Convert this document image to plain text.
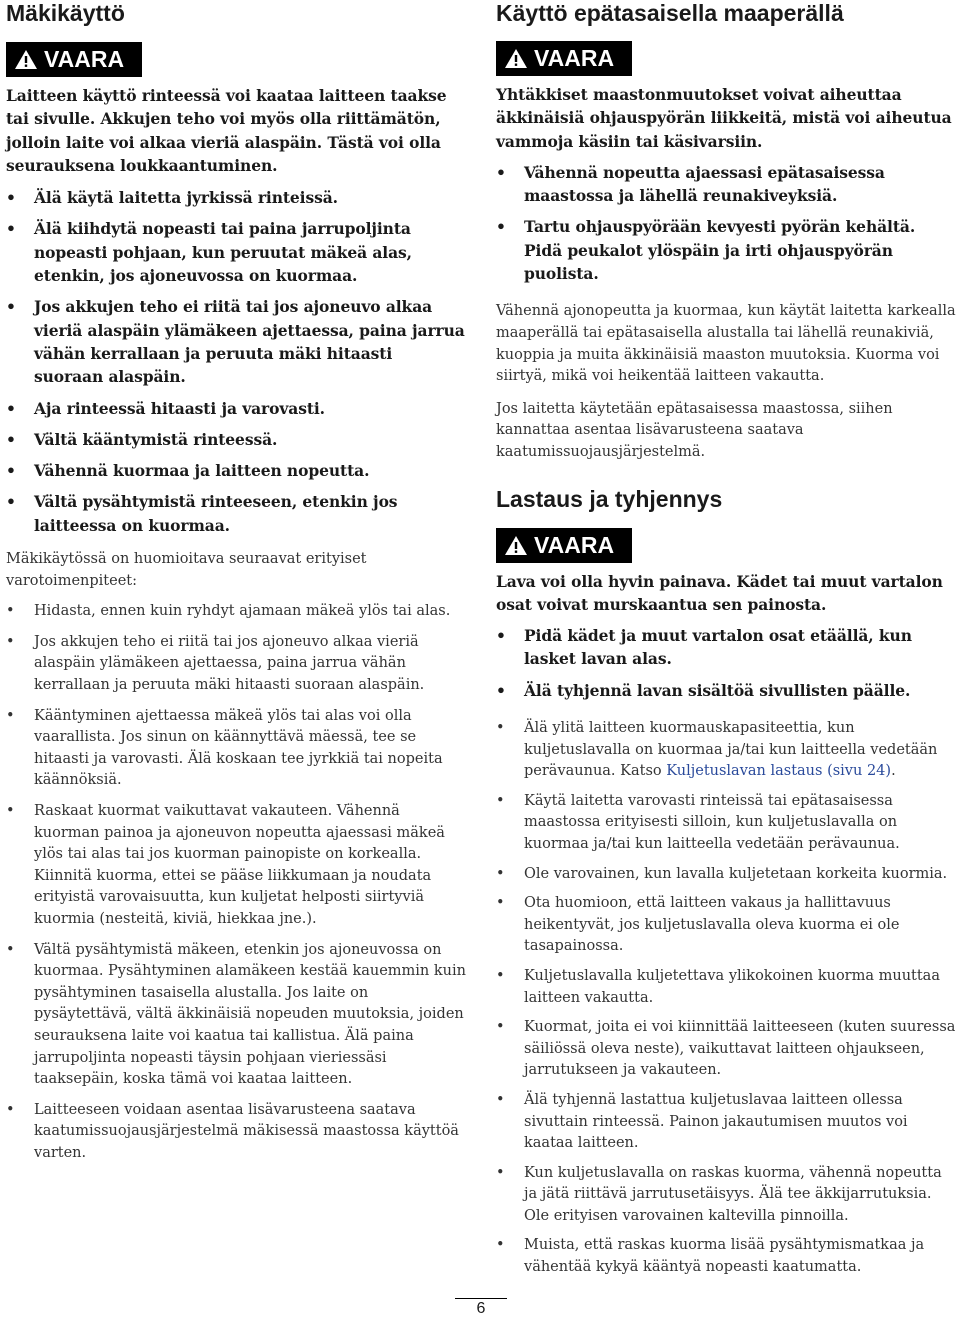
Mäkikäyttö
VAARA

Laitteen käyttö rinteessä voi kaataa laitteen taakse tai sivulle. Akkujen teho voi myös olla riittämätön, jolloin laite voi alkaa vieriä alaspäin. Tästä voi olla seurauksena loukkaantuminen.

• Älä käytä laitetta jyrkissä rinteissä.
• Älä kiihdytä nopeasti tai paina jarrupoljinta nopeasti pohjaan, kun peruutat mäkeä alas, etenkin, jos ajoneuvossa on kuormaa.
• Jos akkujen teho ei riitä tai jos ajoneuvo alkaa vieriä alaspäin ylämäkeen ajettaessa, paina jarrua vähän kerrallaan ja peruuta mäki hitaasti suoraan alaspäin.
• Aja rinteessä hitaasti ja varovasti.
• Vältä kääntymistä rinteessä.
• Vähennä kuormaa ja laitteen nopeutta.
• Vältä pysähtymistä rinteeseen, etenkin jos laitteessa on kuormaa.

Mäkikäytössä on huomioitava seuraavat erityiset varotoimenpiteet:

• Hidasta, ennen kuin ryhdyt ajamaan mäkeä ylös tai alas.
• Jos akkujen teho ei riitä tai jos ajoneuvo alkaa vieriä alaspäin ylämäkeen ajettaessa, paina jarrua vähän kerrallaan ja peruuta mäki hitaasti suoraan alaspäin.
• Kääntyminen ajettaessa mäkeä ylös tai alas voi olla vaarallista. Jos sinun on käännyttävä mäessä, tee se hitaasti ja varovasti. Älä koskaan tee jyrkkiä tai nopeita käännöksiä.
• Raskaat kuormat vaikuttavat vakauteen. Vähennä kuorman painoa ja ajoneuvon nopeutta ajaessasi mäkeä ylös tai alas tai jos kuorman painopiste on korkealla. Kiinnitä kuorma, ettei se pääse liikkumaan ja noudata erityistä varovaisuutta, kun kuljetat helposti siirtyviä kuormia (nesteitä, kiviä, hiekkaa jne.).
• Vältä pysähtymistä mäkeen, etenkin jos ajoneuvossa on kuormaa. Pysähtyminen alamäkeen kestää kauemmin kuin pysähtyminen tasaisella alustalla. Jos laite on pysäytettävä, vältä äkkinäisiä nopeuden muutoksia, joiden seurauksena laite voi kaatua tai kallistua. Älä paina jarrupoljinta nopeasti täysin pohjaan vieriessäsi taaksepäin, koska tämä voi kaataa laitteen.
• Laitteeseen voidaan asentaa lisävarusteena saatava kaatumissuojausjärjestelmä mäkisessä maastossa käyttöä varten.
Käyttö epätasaisella maaperällä
VAARA

Yhtäkkiset maastonmuutokset voivat aiheuttaa äkkinäisiä ohjauspyörän liikkeitä, mistä voi aiheutua vammoja käsiin tai käsivarsiin.

• Vähennä nopeutta ajaessasi epätasaisessa maastossa ja lähellä reunakiveyksiä.
• Tartu ohjauspyörään kevyesti pyörän kehältä. Pidä peukalot ylöspäin ja irti ohjauspyörän puolista.

Vähennä ajonopeutta ja kuormaa, kun käytät laitetta karkealla maaperällä tai epätasaisella alustalla tai lähellä reunakiviä, kuoppia ja muita äkkinäisiä maaston muutoksia. Kuorma voi siirtyä, mikä voi heikentää laitteen vakautta.

Jos laitetta käytetään epätasaisessa maastossa, siihen kannattaa asentaa lisävarusteena saatava kaatumissuojausjärjestelmä.

Lastaus ja tyhjennys
VAARA

Lava voi olla hyvin painava. Kädet tai muut vartalon osat voivat murskaantua sen painosta.

• Pidä kädet ja muut vartalon osat etäällä, kun lasket lavan alas.
• Älä tyhjennä lavan sisältöä sivullisten päälle.
• Älä ylitä laitteen kuormauskapasiteettia, kun kuljetuslavalla on kuormaa ja/tai kun laitteella vedetään perävaunua. Katso Kuljetuslavan lastaus (sivu 24).
• Käytä laitetta varovasti rinteissä tai epätasaisessa maastossa erityisesti silloin, kun kuljetuslavalla on kuormaa ja/tai kun laitteella vedetään perävaunua.
• Ole varovainen, kun lavalla kuljetetaan korkeita kuormia.
• Ota huomioon, että laitteen vakaus ja hallittavuus heikentyvät, jos kuljetuslavalla oleva kuorma ei ole tasapainossa.
• Kuljetuslavalla kuljetettava ylikokoinen kuorma muuttaa laitteen vakautta.
• Kuormat, joita ei voi kiinnittää laitteeseen (kuten suuressa säiliössä oleva neste), vaikuttavat laitteen ohjaukseen, jarrutukseen ja vakauteen.
• Älä tyhjennä lastattua kuljetuslavaa laitteen ollessa sivuttain rinteessä. Painon jakautumisen muutos voi kaataa laitteen.
• Kun kuljetuslavalla on raskas kuorma, vähennä nopeutta ja jätä riittävä jarrutusetäisyys. Älä tee äkkijarrutuksia. Ole erityisen varovainen kaltevilla pinnoilla.
• Muista, että raskas kuorma lisää pysähtymismatkaa ja vähentää kykyä kääntyä nopeasti kaatumatta.
6
